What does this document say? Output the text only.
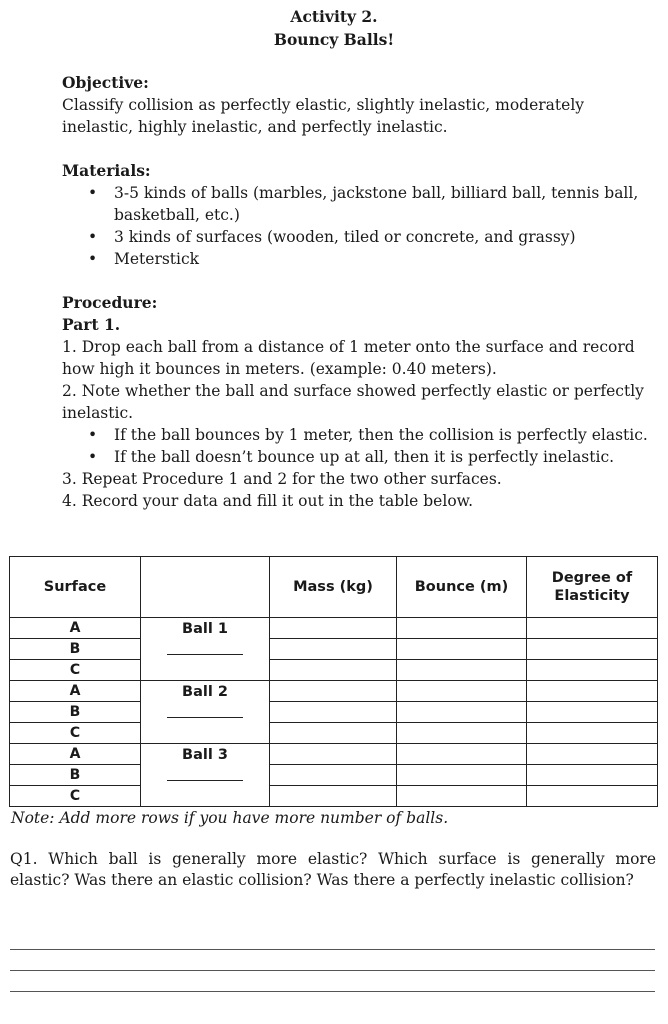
Activity 2.
Bouncy Balls!
Objective:
Classify collision as perfectly elastic, slightly inelastic, moderately inelastic, highly inelastic, and perfectly inelastic.
Materials:
• 3-5 kinds of balls (marbles, jackstone ball, billiard ball, tennis ball, basketball, etc.)
• 3 kinds of surfaces (wooden, tiled or concrete, and grassy)
• Meterstick
Procedure:
Part 1.
1. Drop each ball from a distance of 1 meter onto the surface and record how high it bounces in meters. (example: 0.40 meters).
2. Note whether the ball and surface showed perfectly elastic or perfectly inelastic.
• If the ball bounces by 1 meter, then the collision is perfectly elastic.
• If the ball doesn’t bounce up at all, then it is perfectly inelastic.
3. Repeat Procedure 1 and 2 for the two other surfaces.
4. Record your data and fill it out in the table below.
Surface		Mass (kg)	Bounce (m)	Degree of Elasticity
A	Ball 1

B				
C				
A	Ball 2

B				
C				
A	Ball 3

B				
C				
Note: Add more rows if you have more number of balls.
Q1. Which ball is generally more elastic? Which surface is generally more elastic? Was there an elastic collision? Was there a perfectly inelastic collision?
